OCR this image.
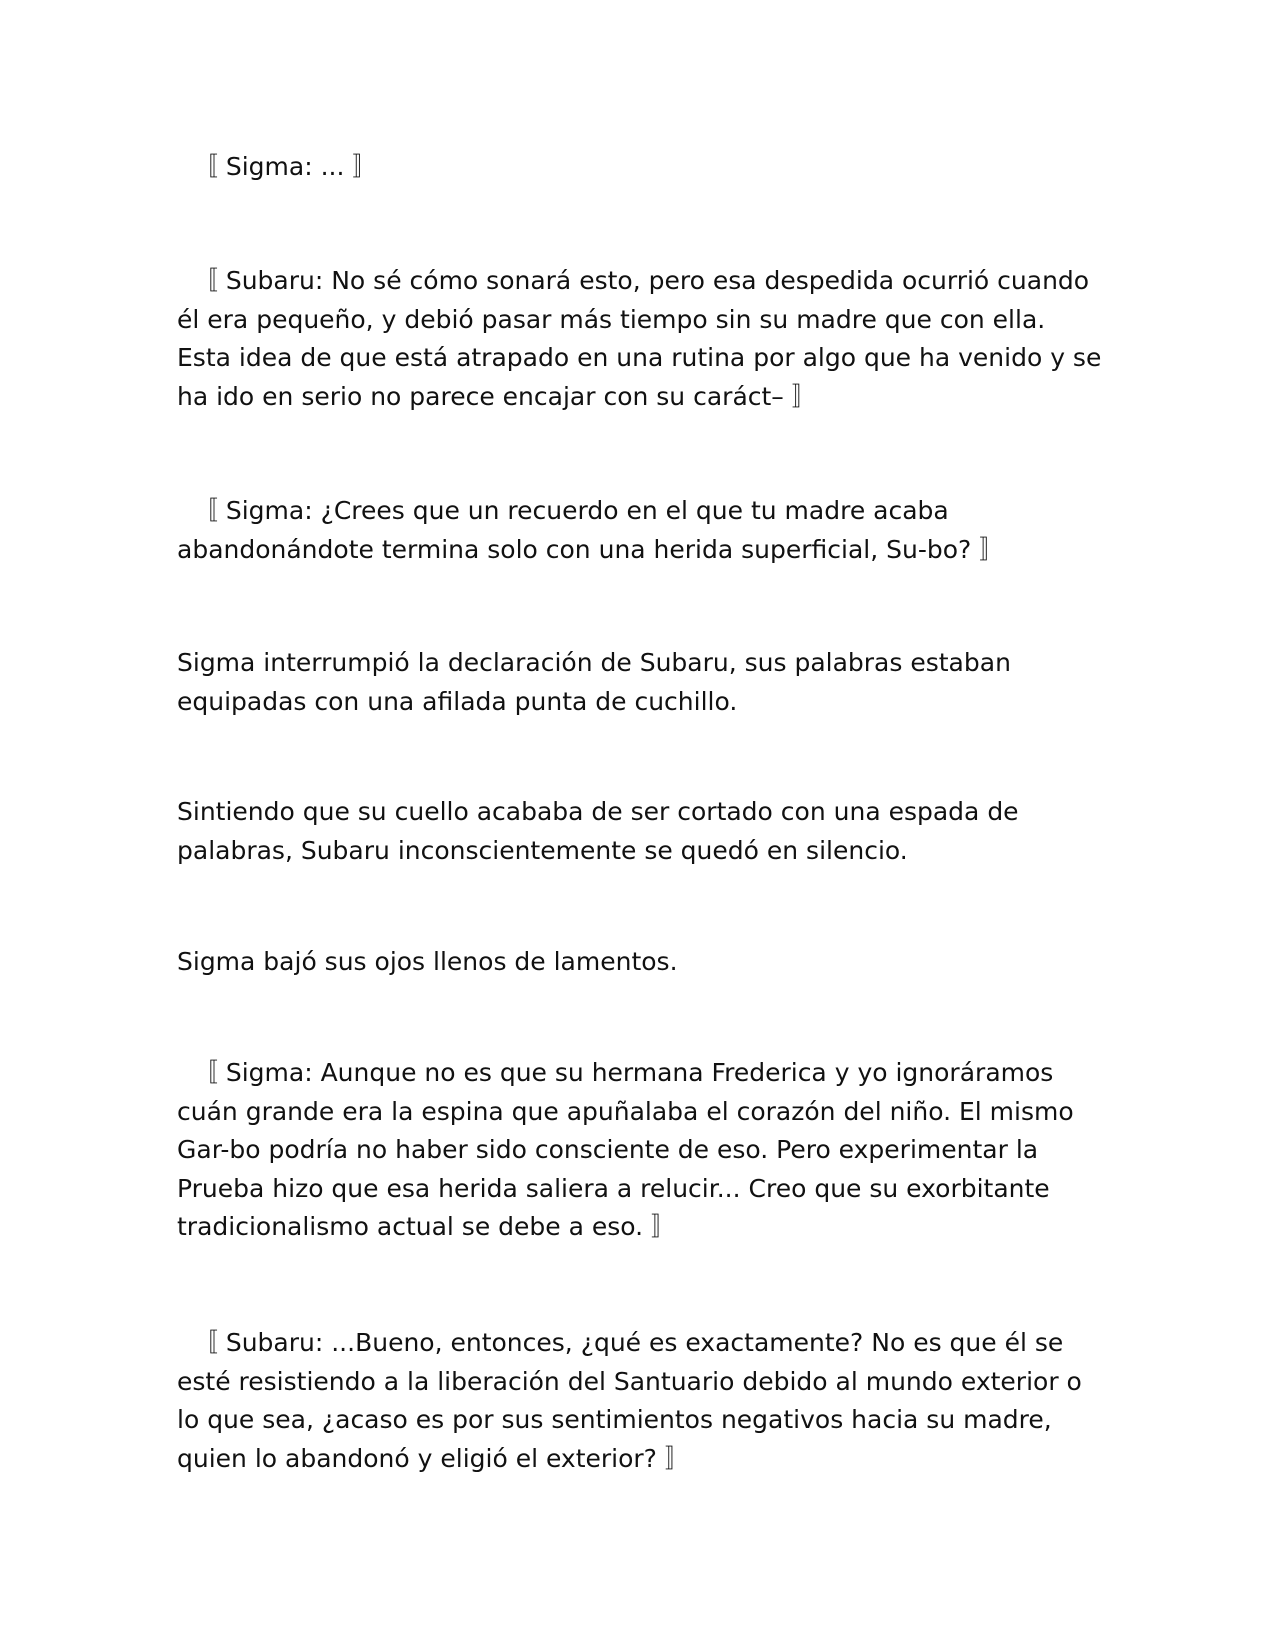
〚 Sigma: ... 〛

〚 Subaru: No sé cómo sonará esto, pero esa despedida ocurrió cuando él era pequeño, y debió pasar más tiempo sin su madre que con ella. Esta idea de que está atrapado en una rutina por algo que ha venido y se ha ido en serio no parece encajar con su caráct– 〛

〚 Sigma: ¿Crees que un recuerdo en el que tu madre acaba abandonándote termina solo con una herida superficial, Su-bo? 〛

Sigma interrumpió la declaración de Subaru, sus palabras estaban equipadas con una afilada punta de cuchillo.

Sintiendo que su cuello acababa de ser cortado con una espada de palabras, Subaru inconscientemente se quedó en silencio.

Sigma bajó sus ojos llenos de lamentos.

〚 Sigma: Aunque no es que su hermana Frederica y yo ignoráramos cuán grande era la espina que apuñalaba el corazón del niño. El mismo Gar-bo podría no haber sido consciente de eso. Pero experimentar la Prueba hizo que esa herida saliera a relucir... Creo que su exorbitante tradicionalismo actual se debe a eso. 〛

〚 Subaru: ...Bueno, entonces, ¿qué es exactamente? No es que él se esté resistiendo a la liberación del Santuario debido al mundo exterior o lo que sea, ¿acaso es por sus sentimientos negativos hacia su madre, quien lo abandonó y eligió el exterior? 〛
